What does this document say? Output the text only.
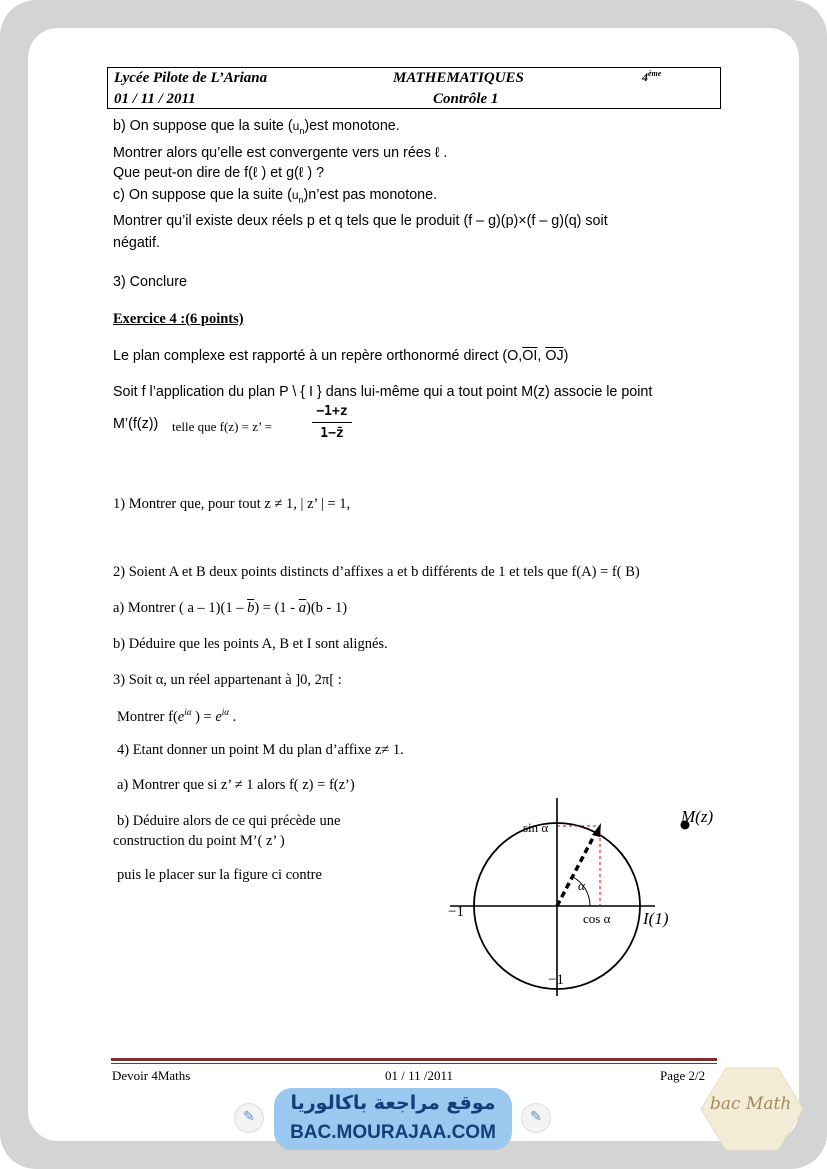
Lycée Pilote de L’Ariana	MATHEMATIQUES	4ème
01 / 11 / 2011	Contrôle 1
b) On suppose que la suite $(u_n)est$ monotone.
Montrer alors qu’elle est convergente vers un rées ℓ .
Que peut-on dire de f(ℓ ) et g(ℓ ) ?
c) On suppose que la suite $(u_n)n’est$ pas monotone.
Montrer qu’il existe deux réels p et q tels que le produit (f – g)(p)×(f – g)(q) soit
négatif.
3) Conclure
Exercice 4 :(6 points)
Le plan complexe est rapporté à un repère orthonormé direct ($O,\overline{OI}$, $\overline{OJ}$)
Soit f l’application du plan P \ { I } dans lui-même qui a tout point M(z) associe le point
M’(f(z)) telle que f(z) = z’ =
−1+z
1−z̄
1) Montrer que, pour tout z ≠ 1, | z’ | = 1,
2) Soient A et B deux points distincts d’affixes a et b différents de 1 et tels que f(A) = f( B)
a) Montrer ( $a - 1)(1 - \overline{b}) = (1 - \overline{a})(b - 1)$
b) Déduire que les points A, B et I sont alignés.
3) Soit α, un réel appartenant à ]0, 2π[ :
Montrer $f(e^{i\alpha}$ ) = $e^{i\alpha}$ .
4) Etant donner un point M du plan d’affixe z≠ 1.
a) Montrer que si z’ ≠ 1 alors f( z) = f(z’)
b) Déduire alors de ce qui précède une
construction du point M’( z’ )
puis le placer sur la figure ci contre
sin α
cos α
α
−1
−1
I(1)
M(z)
Devoir 4Maths	01 / 11 /2011	Page 2/2
✎	✎
موقع مراجعة باكالوريا
BAC.MOURAJAA.COM
bac Math
